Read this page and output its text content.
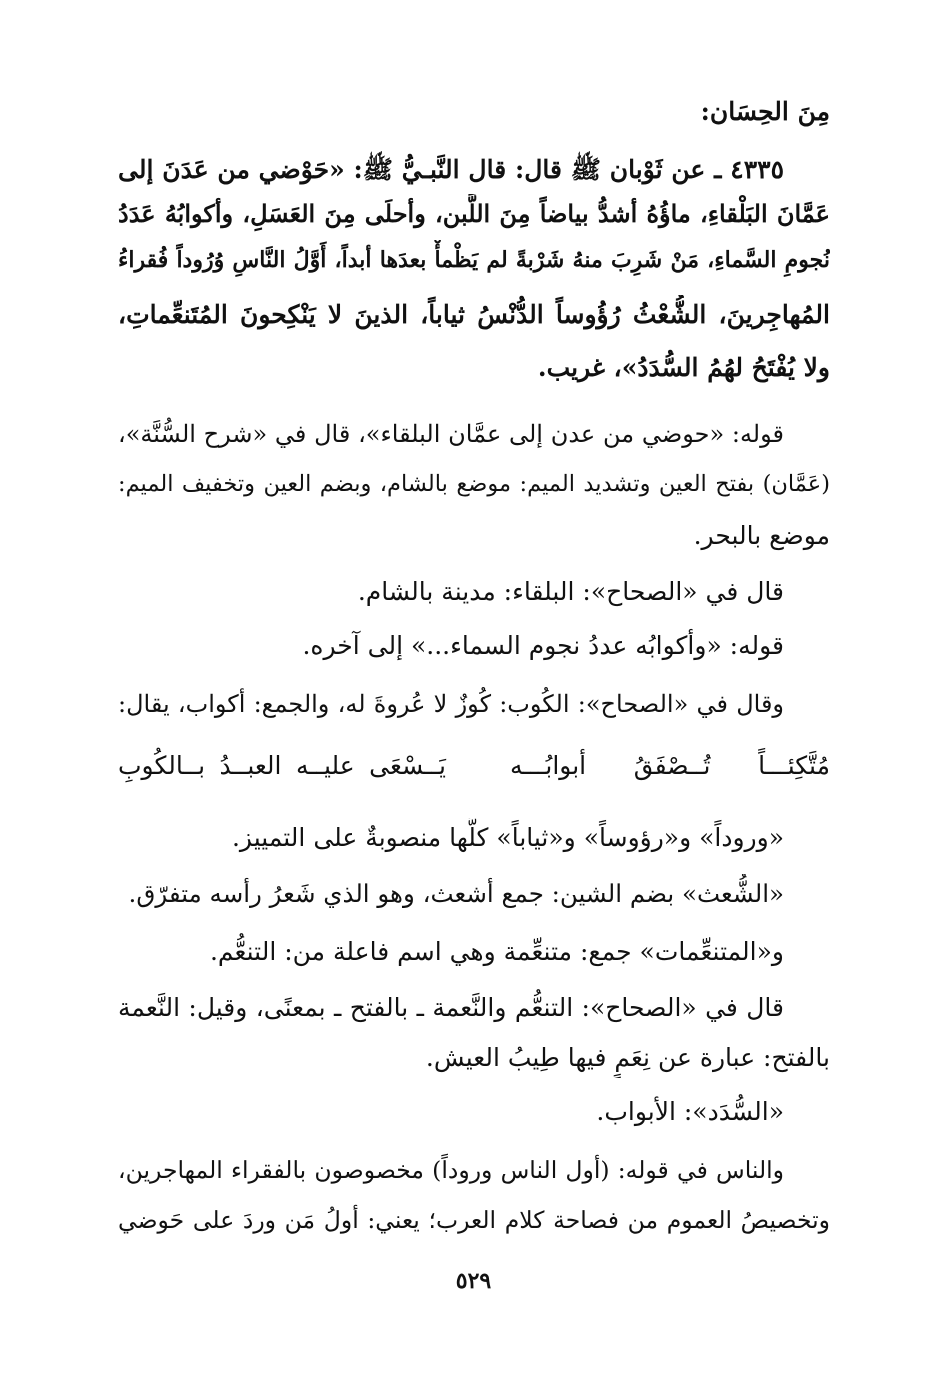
مِنَ الحِسَان:
٤٣٣٥ ـ عن ثَوْبان ﷺ قال: قال النَّبـيُّ ﷺ: «حَوْضي من عَدَنَ إلى
عَمَّانَ البَلْقاءِ، ماؤُهُ أشدُّ بياضاً مِنَ اللَّبن، وأحلَى مِنَ العَسَلِ، وأكوابُهُ عَدَدُ
نُجومِ السَّماءِ، مَنْ شَرِبَ منهُ شَرْبةً لم يَظْمأْ بعدَها أبداً، أَوَّلُ النَّاسِ وُرُوداً فُقراءُ
المُهاجِرينَ، الشُّعْثُ رُؤُوساً الدُّنْسُ ثياباً، الذينَ لا يَنْكِحونَ المُتَنعِّماتِ،
ولا يُفْتَحُ لهُمُ السُّدَدُ»، غريب.
قوله: «حوضي من عدن إلى عمَّان البلقاء»، قال في «شرح السُّنَّة»،
(عَمَّان) بفتح العين وتشديد الميم: موضع بالشام، وبضم العين وتخفيف الميم:
موضع بالبحر.
قال في «الصحاح»: البلقاء: مدينة بالشام.
قوله: «وأكوابُه عددُ نجوم السماء...» إلى آخره.
وقال في «الصحاح»: الكُوب: كُوزٌ لا عُروةَ له، والجمع: أكواب، يقال:
مُتَّكِئـــاً تُــصْفَقُ أبوابُـــه
يَــسْعَى عليــه العبــدُ بــالكُوبِ
«وروداً» و«رؤوساً» و«ثياباً» كلُّها منصوبةٌ على التمييز.
«الشُّعث» بضم الشين: جمع أشعث، وهو الذي شَعرُ رأسه متفرّق.
و«المتنعِّمات» جمع: متنعِّمة وهي اسم فاعلة من: التنعُّم.
قال في «الصحاح»: التنعُّم والنَّعمة ـ بالفتح ـ بمعنًى، وقيل: النَّعمة
بالفتح: عبارة عن نِعَمٍ فيها طِيبُ العيش.
«السُّدَد»: الأبواب.
والناس في قوله: (أول الناس وروداً) مخصوصون بالفقراء المهاجرين،
وتخصيصُ العموم من فصاحة كلام العرب؛ يعني: أولُ مَن وردَ على حَوضي
٥٢٩
